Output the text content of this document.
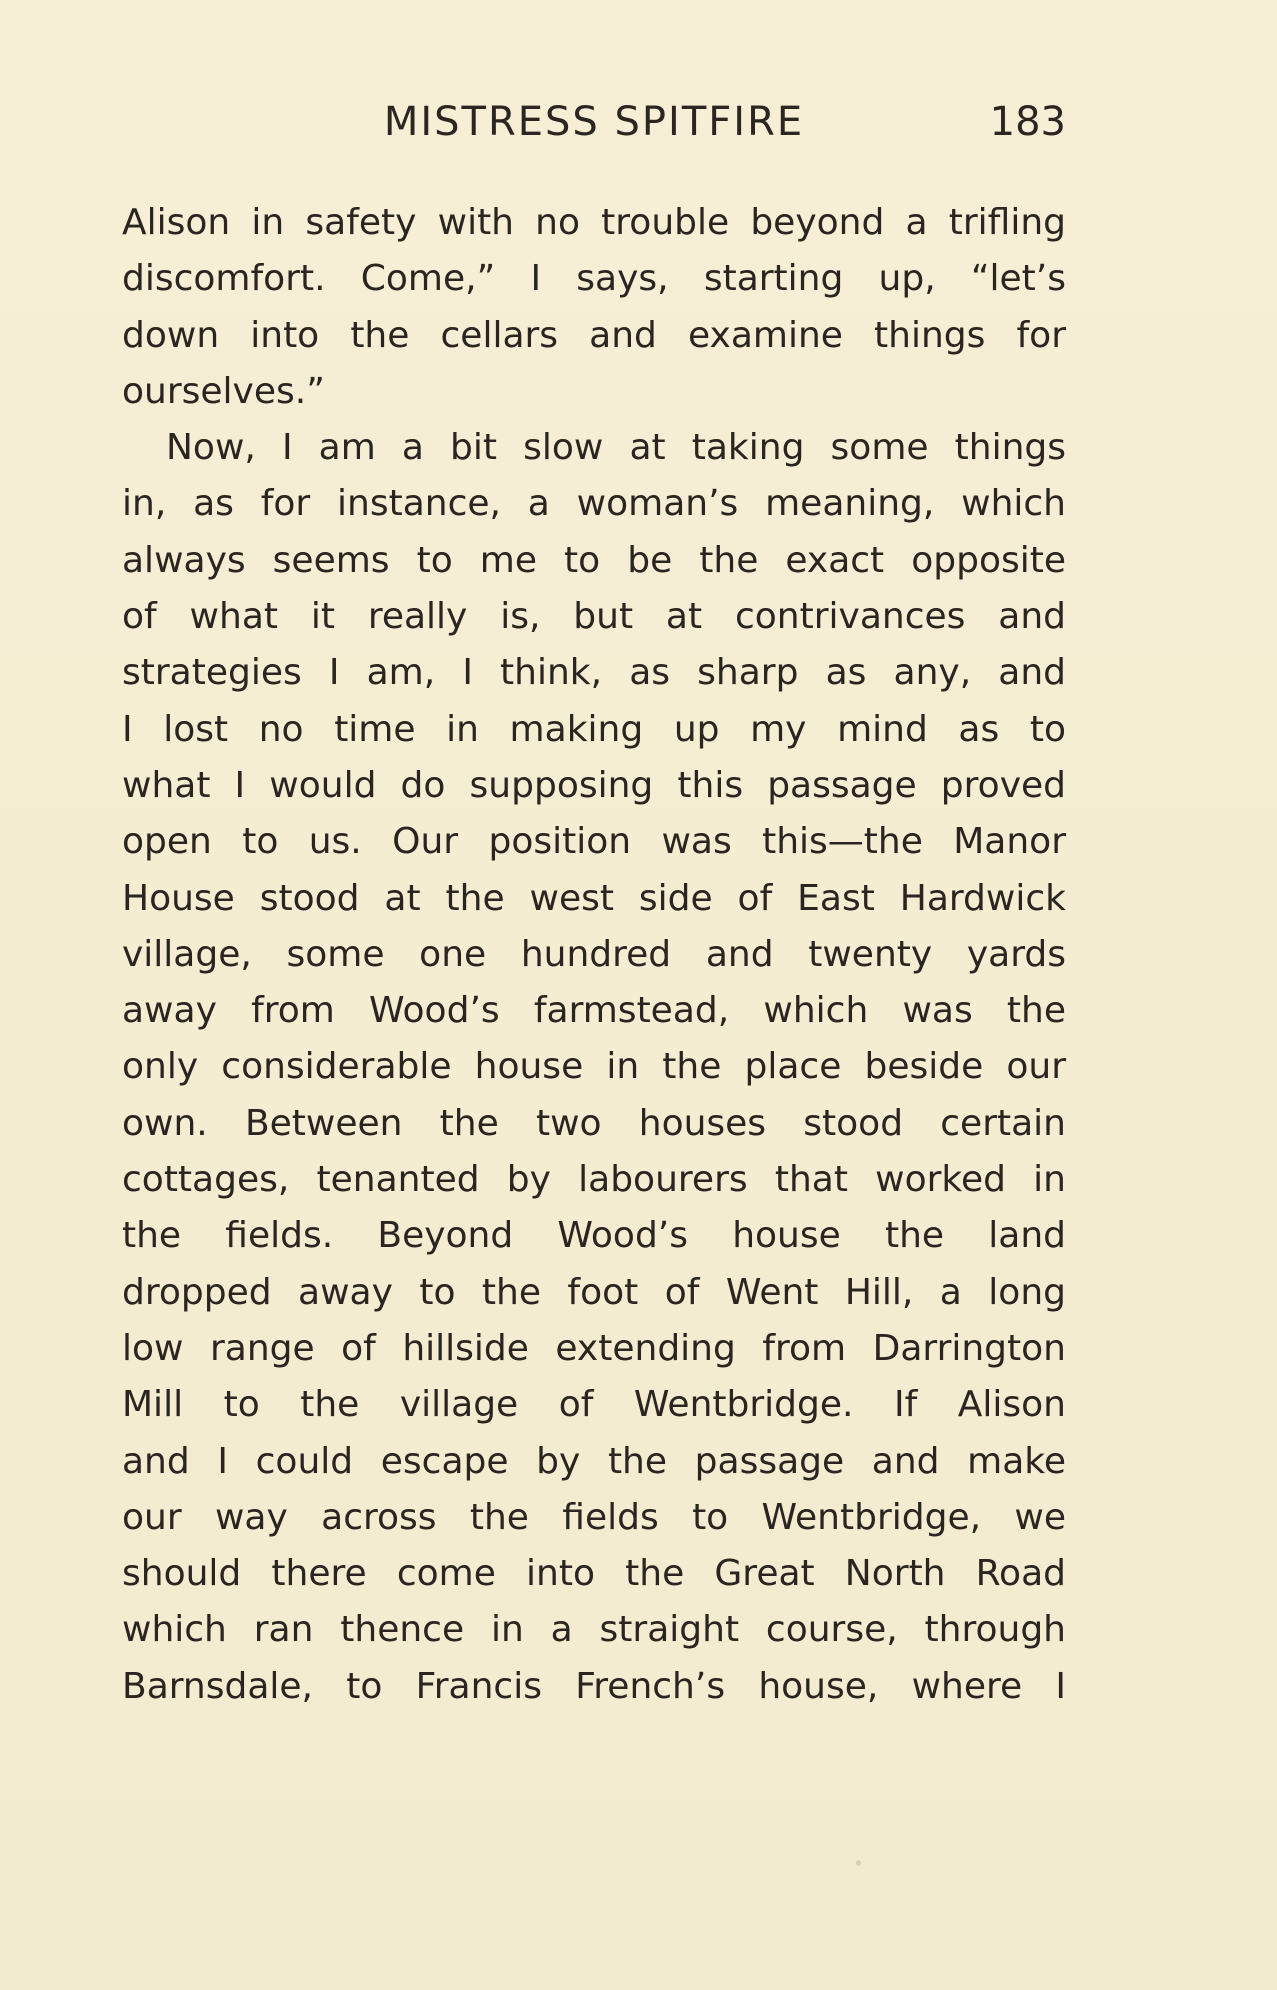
MISTRESS SPITFIRE	183
Alison in safety with no trouble beyond a trifling
discomfort. Come,” I says, starting up, “let’s
down into the cellars and examine things for
ourselves.”
Now, I am a bit slow at taking some things
in, as for instance, a woman’s meaning, which
always seems to me to be the exact opposite
of what it really is, but at contrivances and
strategies I am, I think, as sharp as any, and
I lost no time in making up my mind as to
what I would do supposing this passage proved
open to us. Our position was this—the Manor
House stood at the west side of East Hardwick
village, some one hundred and twenty yards
away from Wood’s farmstead, which was the
only considerable house in the place beside our
own. Between the two houses stood certain
cottages, tenanted by labourers that worked in
the fields. Beyond Wood’s house the land
dropped away to the foot of Went Hill, a long
low range of hillside extending from Darrington
Mill to the village of Wentbridge. If Alison
and I could escape by the passage and make
our way across the fields to Wentbridge, we
should there come into the Great North Road
which ran thence in a straight course, through
Barnsdale, to Francis French’s house, where I
